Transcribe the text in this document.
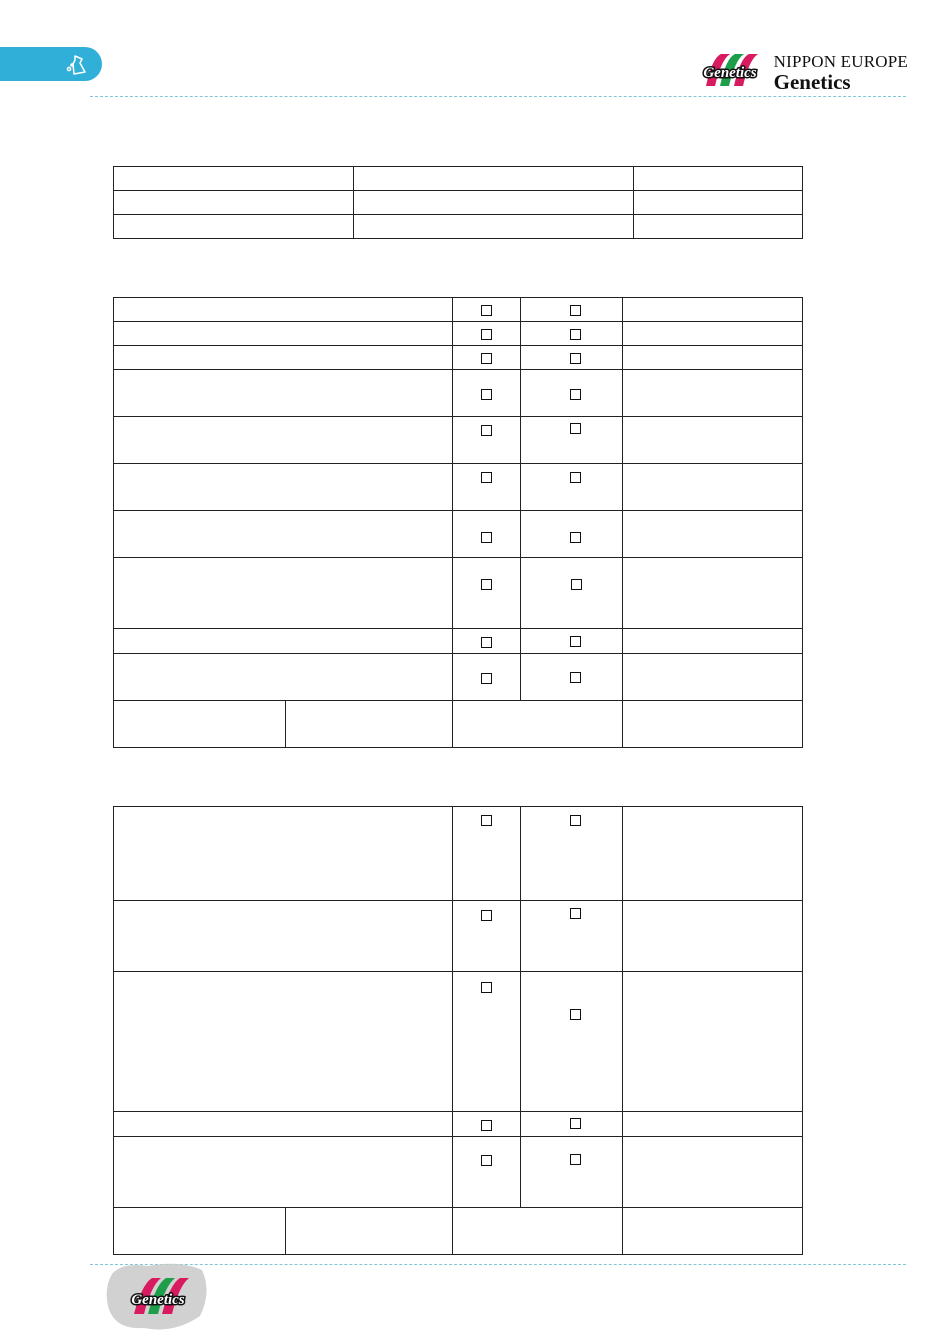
Genetics
NIPPON EUROPE
Genetics

Genetics
